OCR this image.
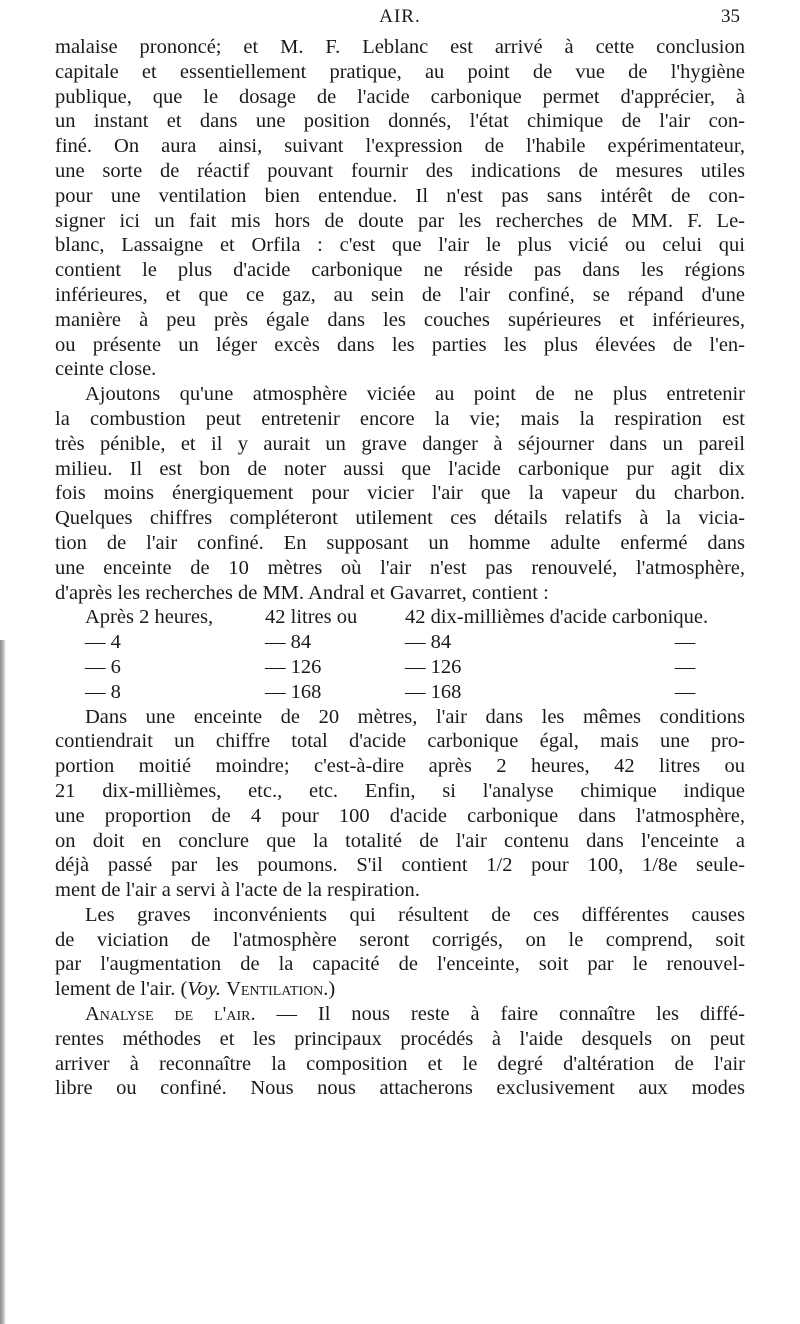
AIR.	35
malaise prononcé; et M. F. Leblanc est arrivé à cette conclusion
capitale et essentiellement pratique, au point de vue de l'hygiène
publique, que le dosage de l'acide carbonique permet d'apprécier, à
un instant et dans une position donnés, l'état chimique de l'air con-
finé. On aura ainsi, suivant l'expression de l'habile expérimentateur,
une sorte de réactif pouvant fournir des indications de mesures utiles
pour une ventilation bien entendue. Il n'est pas sans intérêt de con-
signer ici un fait mis hors de doute par les recherches de MM. F. Le-
blanc, Lassaigne et Orfila : c'est que l'air le plus vicié ou celui qui
contient le plus d'acide carbonique ne réside pas dans les régions
inférieures, et que ce gaz, au sein de l'air confiné, se répand d'une
manière à peu près égale dans les couches supérieures et inférieures,
ou présente un léger excès dans les parties les plus élevées de l'en-
ceinte close.
Ajoutons qu'une atmosphère viciée au point de ne plus entretenir
la combustion peut entretenir encore la vie; mais la respiration est
très pénible, et il y aurait un grave danger à séjourner dans un pareil
milieu. Il est bon de noter aussi que l'acide carbonique pur agit dix
fois moins énergiquement pour vicier l'air que la vapeur du charbon.
Quelques chiffres compléteront utilement ces détails relatifs à la vicia-
tion de l'air confiné. En supposant un homme adulte enfermé dans
une enceinte de 10 mètres où l'air n'est pas renouvelé, l'atmosphère,
d'après les recherches de MM. Andral et Gavarret, contient :
Après 2 heures,	42 litres ou	42 dix-millièmes d'acide carbonique.	
— 4	— 84	— 84	—
— 6	— 126	— 126	—
— 8	— 168	— 168	—
Dans une enceinte de 20 mètres, l'air dans les mêmes conditions
contiendrait un chiffre total d'acide carbonique égal, mais une pro-
portion moitié moindre; c'est-à-dire après 2 heures, 42 litres ou
21 dix-millièmes, etc., etc. Enfin, si l'analyse chimique indique
une proportion de 4 pour 100 d'acide carbonique dans l'atmosphère,
on doit en conclure que la totalité de l'air contenu dans l'enceinte a
déjà passé par les poumons. S'il contient 1/2 pour 100, 1/8e seule-
ment de l'air a servi à l'acte de la respiration.
Les graves inconvénients qui résultent de ces différentes causes
de viciation de l'atmosphère seront corrigés, on le comprend, soit
par l'augmentation de la capacité de l'enceinte, soit par le renouvel-
lement de l'air. (Voy. Ventilation.)
Analyse de l'air. — Il nous reste à faire connaître les diffé-
rentes méthodes et les principaux procédés à l'aide desquels on peut
arriver à reconnaître la composition et le degré d'altération de l'air
libre ou confiné. Nous nous attacherons exclusivement aux modes
